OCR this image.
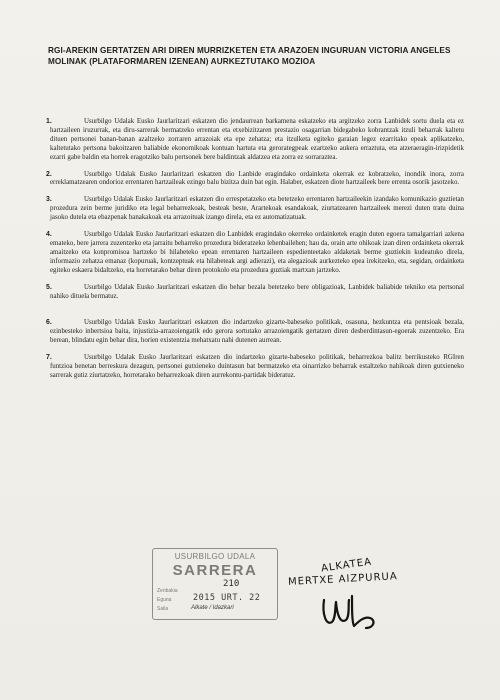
RGI-AREKIN GERTATZEN ARI DIREN MURRIZKETEN ETA ARAZOEN INGURUAN VICTORIA ANGELES MOLINAK (PLATAFORMAREN IZENEAN) AURKEZTUTAKO MOZIOA
1.	Usurbilgo Udalak Eusko Jaurlaritzari eskatzen dio jendaurrean barkamena eskatzeko eta argitzeko zorra Lanbidek sortu duela eta ez hartzaileen iruzurrak, eta diru-sarrerak bermatzeko errentan eta etxebizitzaren prestazio osagarrian bidegabeko kobrantzak itzuli beharrak kaltetu dituen pertsonei banan-banan azaltzeko zorraren arrazoiak eta epe zehatza; eta itzulketa egiteko garaian legez ezarritako epeak aplikatzeko, kaltetutako pertsona bakoitzaren baliabide ekonomikoak kontuan hartuta eta gerorategpeak ezartzeko aukera erraztuta, eta atzeraeragin-irizpidetik ezarri gabe baldin eta horrek eragotziko balu pertsonek bere baldintzak aldatzea eta zorra ez sorraraztea.
2.	Usurbilgo Udalak Eusko Jaurlaritzari eskatzen dio Lanbide eragindako ordainketa okerrak ez kobratzeko, inondik inora, zorra erreklamatzearen ondorioz errentaren hartzaileak ezingo balu bizitza duin bat egin. Halaber, eskatzen diote hartzaileek bere errenta osorik jasotzeko.
3.	Usurbilgo Udalak Eusko Jaurlaritzari eskatzen dio errespetatzeko eta betetzeko errentaren hartzaileekin izandako komunikazio guztietan prozedura zein berme juridiko eta legal beharrezkoak, besteak beste, Arartekoak esandakoak, ziurtatzearen hartzaileek merezi duten tratu duina jasoko dutela eta ebazpenak banakakoak eta arrazoituak izango direla, eta ez automatizatuak.
4.	Usurbilgo Udalak Eusko Jaurlaritzari eskatzen dio Lanbidek eragindako okerreko ordainketek eragin duten egoera tamalgarriari azkena emateko, bere jarrera zuzentzeko eta jarraitu beharreko prozedura bideratzeko lehenbailehen; hau da, orain arte ohikoak izan diren ordainketa okerrak amaitzeko eta konpromisoa hartzeko bi hilabeteko epean errentaren hartzaileen espedienteetako aldaketak berme guztiekin kudeatuko direla, informazio zehatza emanaz (kopuruak, kontzeptuak eta hilabeteak argi adierazi), eta alegazioak aurkezteko epea irekitzeko, eta, segidan, ordainketa egiteko eskaera bidaltzeko, eta horretarako behar diren protokolo eta prozedura guztiak martxan jartzeko.
5.	Usurbilgo Udalak Eusko Jaurlaritzari eskatzen dio behar bezala betetzeko bere obligazioak, Lanbidek baliabide tekniko eta pertsonal nahiko dituela bermatuz.
6.	Usurbilgo Udalak Eusko Jaurlaritzari eskatzen dio indartzeko gizarte-babeseko politikak, osasuna, hezkuntza eta pentsioak bezala, ezinbesteko inbertsioa baita, injustizia-arrazoiengatik edo gerora sortutako arrazoiengatik gertatzen diren desberdintasun-egoerak zuzentzeko. Era berean, blindatu egin behar dira, horien existentzia mehatxatu nahi dutenen aurrean.
7.	Usurbilgo Udalak Eusko Jaurlaritzari eskatzen dio indartzeko gizarte-babeseko politikak, beharrezkoa balitz berrikusteko RGIren funtzioa benetan berreskura dezagun, pertsonei gutxieneko duintasun bat bermatzeko eta oinarrizko beharrak estaltzeko nahikoak diren gutxieneko sarrerak gutiz ziurtatzeko, horretarako beharrezkoak diren aurrekontu-partidak bideratuz.
USURBILGO UDALA
SARRERA
210
Zenbakia
Eguna
Saila
2015 URT. 22
Alkate / Idazkari
ALKATEA
MERTXE AIZPURUA
